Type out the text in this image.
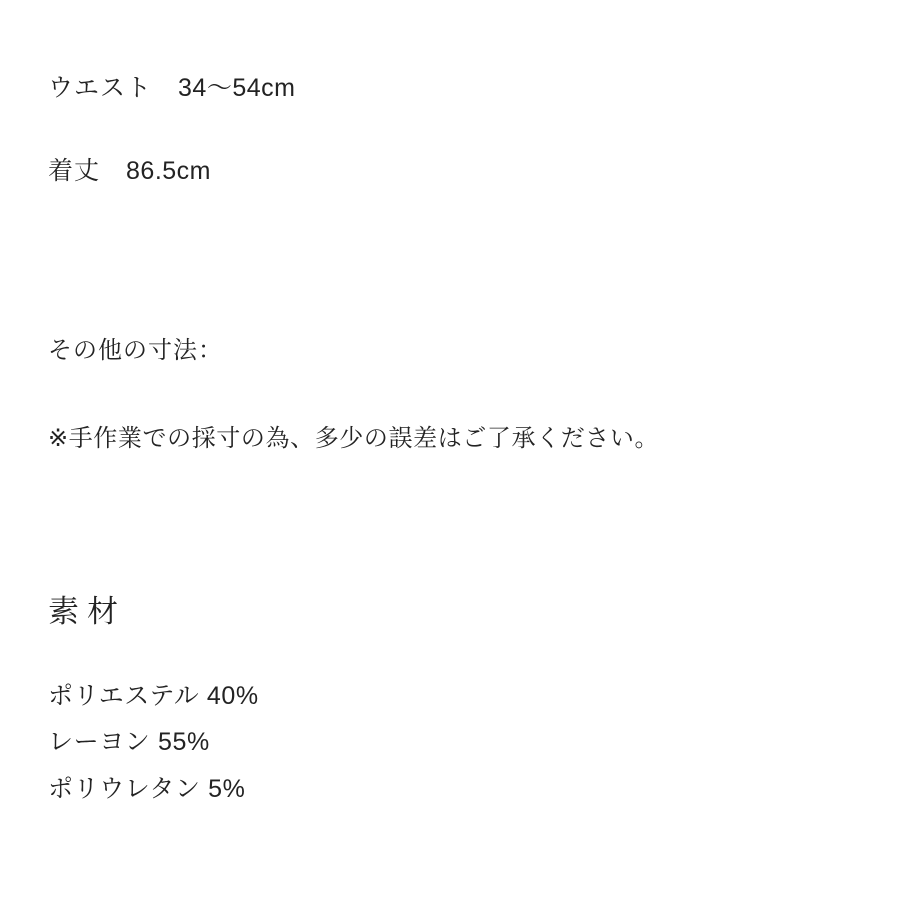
ウエスト 34〜54cm
着丈 86.5cm
その他の寸法：
※手作業での採寸の為、多少の誤差はご了承ください。
素材
ポリエステル 40%
レーヨン 55%
ポリウレタン 5%
